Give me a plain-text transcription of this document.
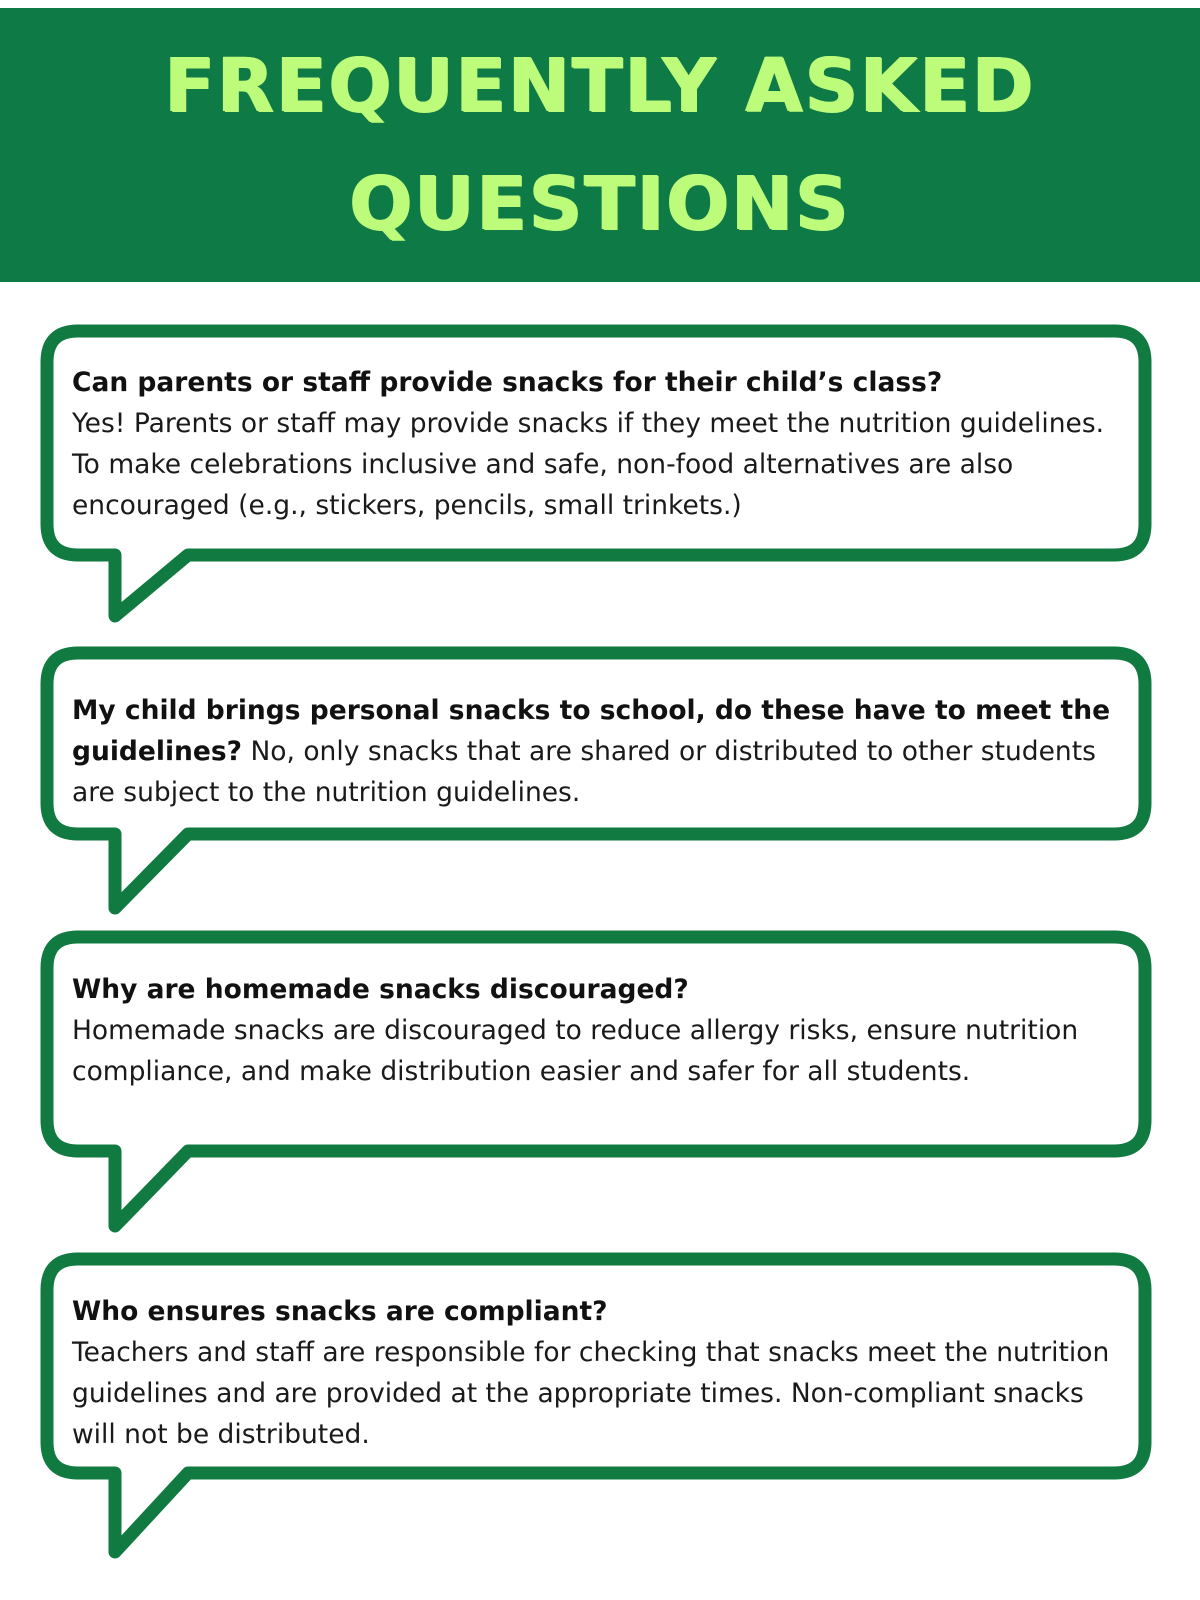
FREQUENTLY ASKED
QUESTIONS
Can parents or staff provide snacks for their child’s class?
Yes! Parents or staff may provide snacks if they meet the nutrition guidelines. To make celebrations inclusive and safe, non-food alternatives are also encouraged (e.g., stickers, pencils, small trinkets.)
My child brings personal snacks to school, do these have to meet the guidelines? No, only snacks that are shared or distributed to other students are subject to the nutrition guidelines.
Why are homemade snacks discouraged?
Homemade snacks are discouraged to reduce allergy risks, ensure nutrition compliance, and make distribution easier and safer for all students.
Who ensures snacks are compliant?
Teachers and staff are responsible for checking that snacks meet the nutrition guidelines and are provided at the appropriate times. Non-compliant snacks will not be distributed.
